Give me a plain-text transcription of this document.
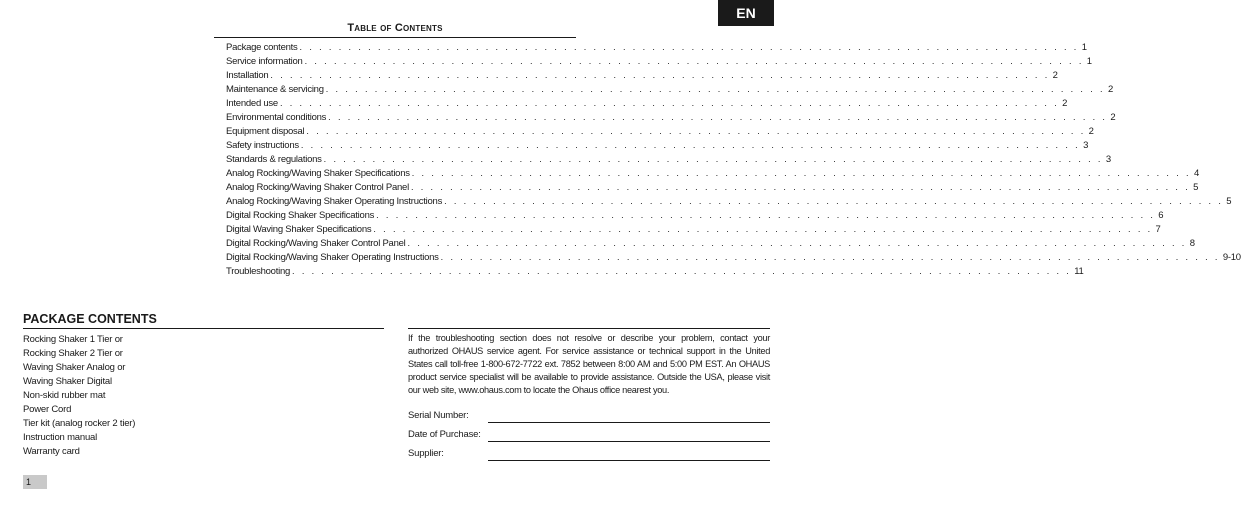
EN
Table of Contents
Package contents . . . . . . . . . . . . . . . . . . . . . . . . . . . . . . . . . . . . . . . . . . . . . . . . . . . . . . . . . . . . . . . . . . . . . . . . . . . . . . . . 1
Service information . . . . . . . . . . . . . . . . . . . . . . . . . . . . . . . . . . . . . . . . . . . . . . . . . . . . . . . . . . . . . . . . . . . . . . . . . . . . . . . . 1
Installation . . . . . . . . . . . . . . . . . . . . . . . . . . . . . . . . . . . . . . . . . . . . . . . . . . . . . . . . . . . . . . . . . . . . . . . . . . . . . . . . 2
Maintenance & servicing . . . . . . . . . . . . . . . . . . . . . . . . . . . . . . . . . . . . . . . . . . . . . . . . . . . . . . . . . . . . . . . . . . . . . . . . . . . . . . . . 2
Intended use . . . . . . . . . . . . . . . . . . . . . . . . . . . . . . . . . . . . . . . . . . . . . . . . . . . . . . . . . . . . . . . . . . . . . . . . . . . . . . . . 2
Environmental conditions . . . . . . . . . . . . . . . . . . . . . . . . . . . . . . . . . . . . . . . . . . . . . . . . . . . . . . . . . . . . . . . . . . . . . . . . . . . . . . . . 2
Equipment disposal . . . . . . . . . . . . . . . . . . . . . . . . . . . . . . . . . . . . . . . . . . . . . . . . . . . . . . . . . . . . . . . . . . . . . . . . . . . . . . . . 2
Safety instructions . . . . . . . . . . . . . . . . . . . . . . . . . . . . . . . . . . . . . . . . . . . . . . . . . . . . . . . . . . . . . . . . . . . . . . . . . . . . . . . . 3
Standards & regulations . . . . . . . . . . . . . . . . . . . . . . . . . . . . . . . . . . . . . . . . . . . . . . . . . . . . . . . . . . . . . . . . . . . . . . . . . . . . . . . . 3
Analog Rocking/Waving Shaker Specifications . . . . . . . . . . . . . . . . . . . . . . . . . . . . . . . . . . . . . . . . . . . . . . . . . . . . . . . . . . . . . . . . . . . . . . . . . . . . . . . . 4
Analog Rocking/Waving Shaker Control Panel . . . . . . . . . . . . . . . . . . . . . . . . . . . . . . . . . . . . . . . . . . . . . . . . . . . . . . . . . . . . . . . . . . . . . . . . . . . . . . . . 5
Analog Rocking/Waving Shaker Operating Instructions . . . . . . . . . . . . . . . . . . . . . . . . . . . . . . . . . . . . . . . . . . . . . . . . . . . . . . . . . . . . . . . . . . . . . . . . . . . . . . . . 5
Digital Rocking Shaker Specifications . . . . . . . . . . . . . . . . . . . . . . . . . . . . . . . . . . . . . . . . . . . . . . . . . . . . . . . . . . . . . . . . . . . . . . . . . . . . . . . . 6
Digital Waving Shaker Specifications . . . . . . . . . . . . . . . . . . . . . . . . . . . . . . . . . . . . . . . . . . . . . . . . . . . . . . . . . . . . . . . . . . . . . . . . . . . . . . . . 7
Digital Rocking/Waving Shaker Control Panel . . . . . . . . . . . . . . . . . . . . . . . . . . . . . . . . . . . . . . . . . . . . . . . . . . . . . . . . . . . . . . . . . . . . . . . . . . . . . . . . 8
Digital Rocking/Waving Shaker Operating Instructions . . . . . . . . . . . . . . . . . . . . . . . . . . . . . . . . . . . . . . . . . . . . . . . . . . . . . . . . . . . . . . . . . . . . . . . . . . . . . . . . 9-10
Troubleshooting . . . . . . . . . . . . . . . . . . . . . . . . . . . . . . . . . . . . . . . . . . . . . . . . . . . . . . . . . . . . . . . . . . . . . . . . . . . . . . . . 11
PACKAGE CONTENTS
Rocking Shaker 1 Tier or
Rocking Shaker 2 Tier or
Waving Shaker Analog or
Waving Shaker Digital
Non-skid rubber mat
Power Cord
Tier kit (analog rocker 2 tier)
Instruction manual
Warranty card
If the troubleshooting section does not resolve or describe your problem, contact your authorized OHAUS service agent. For service assistance or technical support in the United States call toll-free 1-800-672-7722 ext. 7852 between 8:00 AM and 5:00 PM EST. An OHAUS product service specialist will be available to provide assistance. Outside the USA, please visit our web site, www.ohaus.com to locate the Ohaus office nearest you.
Serial Number:
Date of Purchase:
Supplier:
1
